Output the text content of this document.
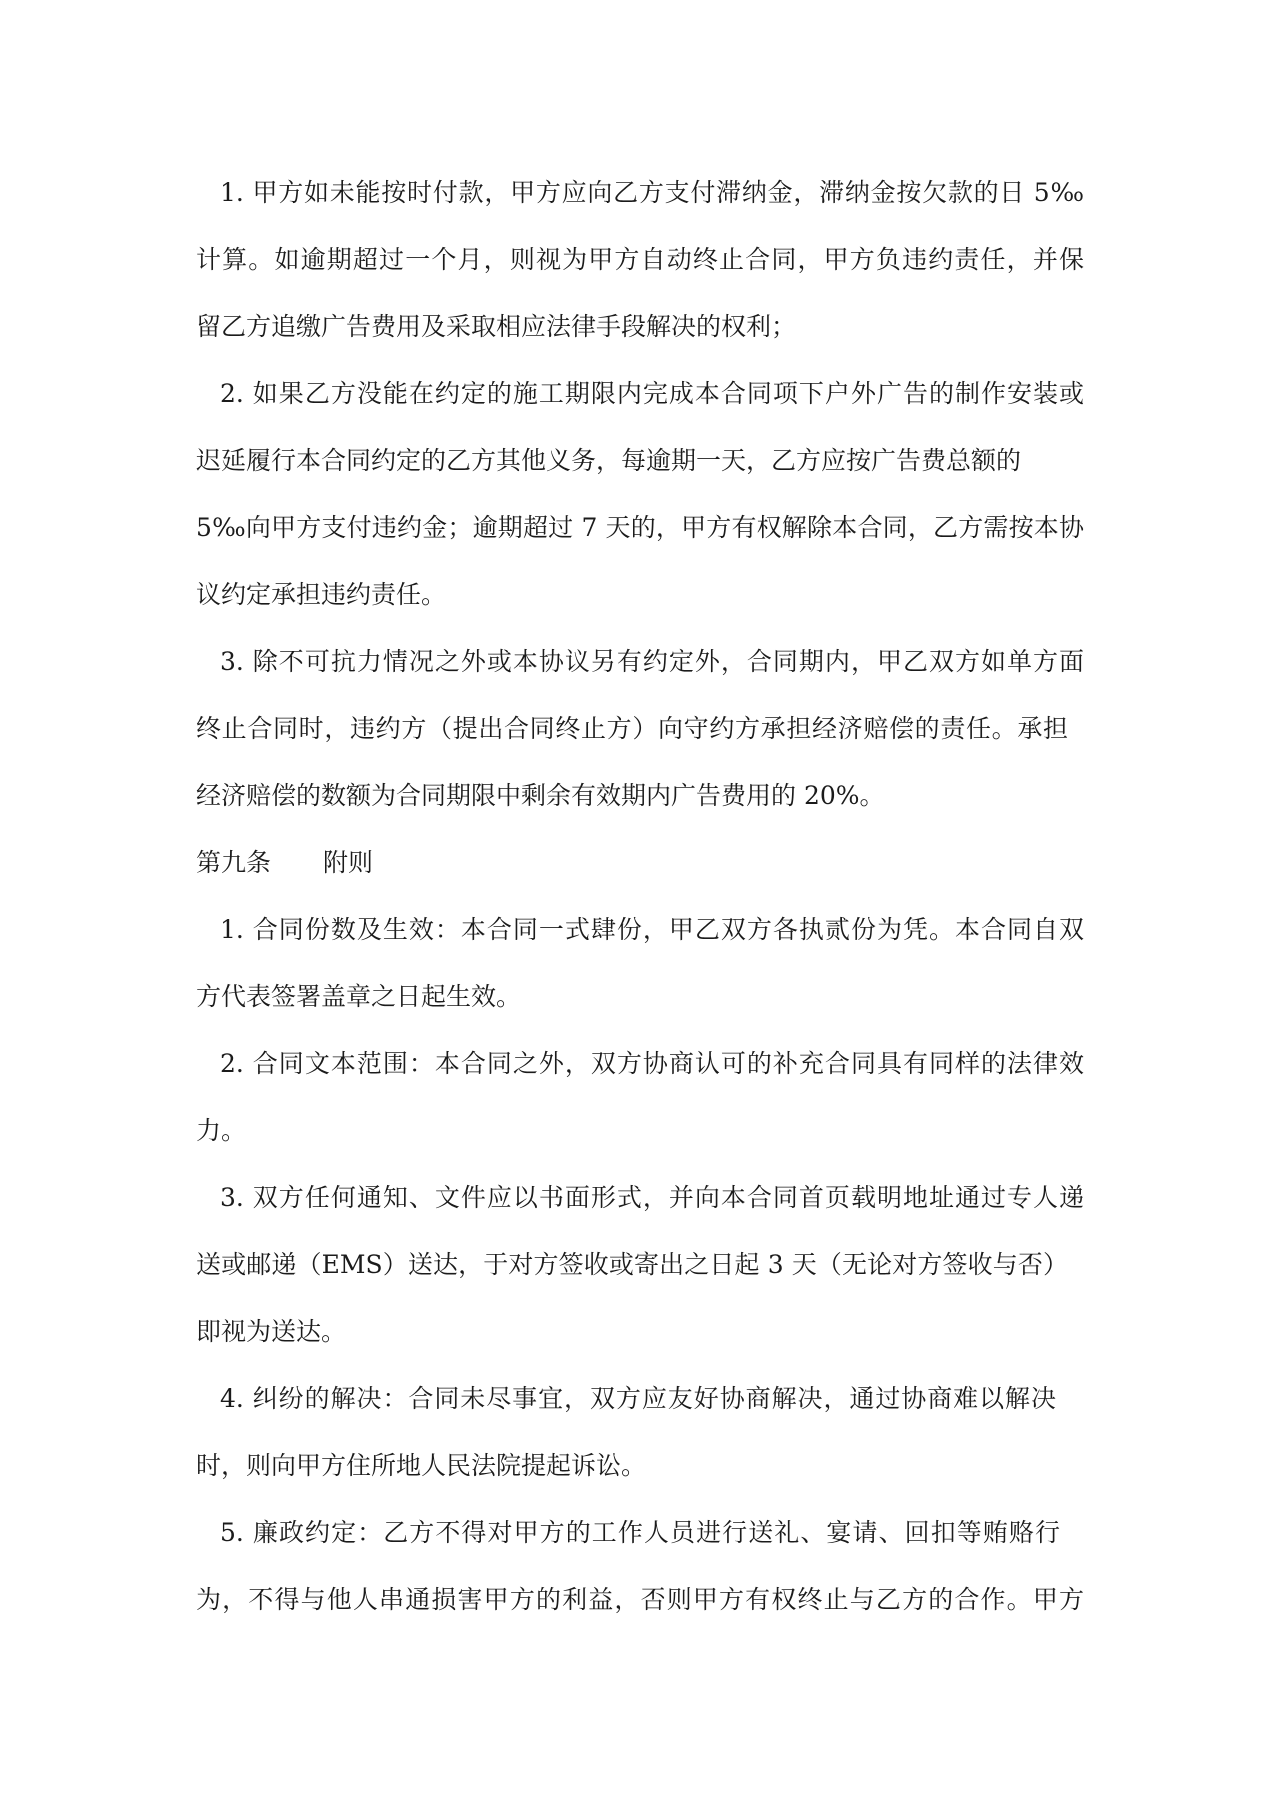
1. 甲方如未能按时付款，甲方应向乙方支付滞纳金，滞纳金按欠款的日 5‰
计算。如逾期超过一个月，则视为甲方自动终止合同，甲方负违约责任，并保
留乙方追缴广告费用及采取相应法律手段解决的权利；
2. 如果乙方没能在约定的施工期限内完成本合同项下户外广告的制作安装或
迟延履行本合同约定的乙方其他义务，每逾期一天，乙方应按广告费总额的
5‰向甲方支付违约金；逾期超过 7 天的，甲方有权解除本合同，乙方需按本协
议约定承担违约责任。
3. 除不可抗力情况之外或本协议另有约定外，合同期内，甲乙双方如单方面
终止合同时，违约方（提出合同终止方）向守约方承担经济赔偿的责任。承担
经济赔偿的数额为合同期限中剩余有效期内广告费用的 20%。
第九条 附则
1. 合同份数及生效：本合同一式肆份，甲乙双方各执贰份为凭。本合同自双
方代表签署盖章之日起生效。
2. 合同文本范围：本合同之外，双方协商认可的补充合同具有同样的法律效
力。
3. 双方任何通知、文件应以书面形式，并向本合同首页载明地址通过专人递
送或邮递（EMS）送达，于对方签收或寄出之日起 3 天（无论对方签收与否）
即视为送达。
4. 纠纷的解决：合同未尽事宜，双方应友好协商解决，通过协商难以解决
时，则向甲方住所地人民法院提起诉讼。
5. 廉政约定：乙方不得对甲方的工作人员进行送礼、宴请、回扣等贿赂行
为，不得与他人串通损害甲方的利益，否则甲方有权终止与乙方的合作。甲方
